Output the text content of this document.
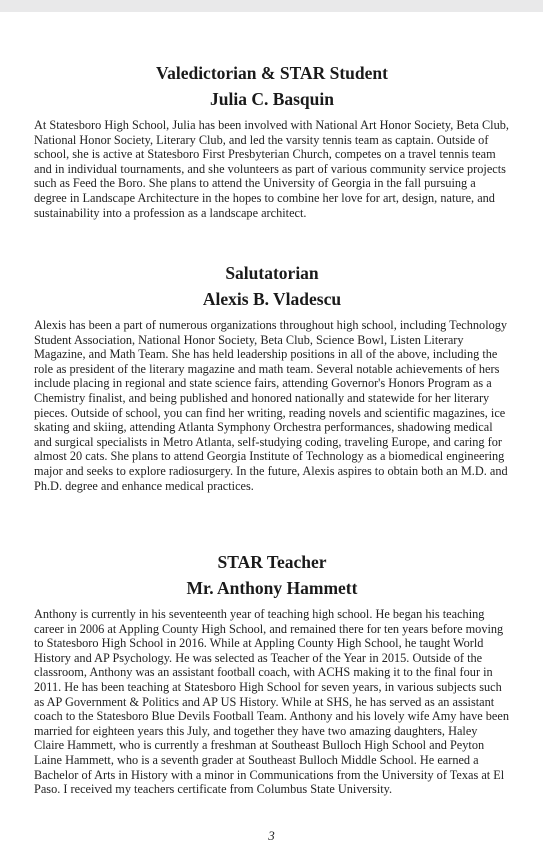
Valedictorian & STAR Student
Julia C. Basquin

At Statesboro High School, Julia has been involved with National Art Honor Society, Beta Club, National Honor Society, Literary Club, and led the varsity tennis team as captain. Outside of school, she is active at Statesboro First Presbyterian Church, competes on a travel tennis team and in individual tournaments, and she volunteers as part of various community service projects such as Feed the Boro. She plans to attend the University of Georgia in the fall pursuing a degree in Landscape Architecture in the hopes to combine her love for art, design, nature, and sustainability into a profession as a landscape architect.

Salutatorian
Alexis B. Vladescu

Alexis has been a part of numerous organizations throughout high school, including Technology Student Association, National Honor Society, Beta Club, Science Bowl, Listen Literary Magazine, and Math Team. She has held leadership positions in all of the above, including the role as president of the literary magazine and math team. Several notable achievements of hers include placing in regional and state science fairs, attending Governor's Honors Program as a Chemistry finalist, and being published and honored nationally and statewide for her literary pieces. Outside of school, you can find her writing, reading novels and scientific magazines, ice skating and skiing, attending Atlanta Symphony Orchestra performances, shadowing medical and surgical specialists in Metro Atlanta, self-studying coding, traveling Europe, and caring for almost 20 cats. She plans to attend Georgia Institute of Technology as a biomedical engineering major and seeks to explore radiosurgery. In the future, Alexis aspires to obtain both an M.D. and Ph.D. degree and enhance medical practices.

STAR Teacher
Mr. Anthony Hammett

Anthony is currently in his seventeenth year of teaching high school. He began his teaching career in 2006 at Appling County High School, and remained there for ten years before moving to Statesboro High School in 2016. While at Appling County High School, he taught World History and AP Psychology. He was selected as Teacher of the Year in 2015. Outside of the classroom, Anthony was an assistant football coach, with ACHS making it to the final four in 2011. He has been teaching at Statesboro High School for seven years, in various subjects such as AP Government & Politics and AP US History. While at SHS, he has served as an assistant coach to the Statesboro Blue Devils Football Team. Anthony and his lovely wife Amy have been married for eighteen years this July, and together they have two amazing daughters, Haley Claire Hammett, who is currently a freshman at Southeast Bulloch High School and Peyton Laine Hammett, who is a seventh grader at Southeast Bulloch Middle School. He earned a Bachelor of Arts in History with a minor in Communications from the University of Texas at El Paso. I received my teachers certificate from Columbus State University.

3
